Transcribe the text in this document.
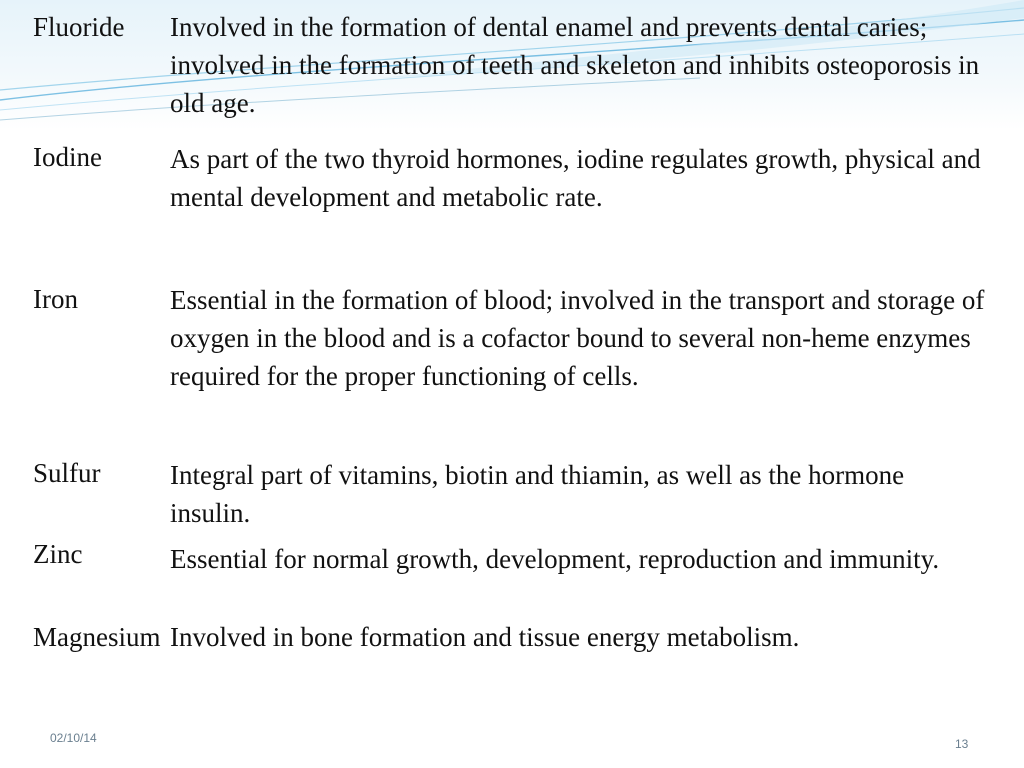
Fluoride	Involved in the formation of dental enamel and prevents dental caries; involved in the formation of teeth and skeleton and inhibits osteoporosis in old age.
Iodine	As part of the two thyroid hormones, iodine regulates growth, physical and mental development and metabolic rate.
Iron	Essential in the formation of blood; involved in the transport and storage of oxygen in the blood and is a cofactor bound to several non-heme enzymes required for the proper functioning of cells.
Sulfur	Integral part of vitamins, biotin and thiamin, as well as the hormone insulin.
Zinc	Essential for normal growth, development, reproduction and immunity.
Magnesium Involved in bone formation and tissue energy metabolism.
02/10/14	13
